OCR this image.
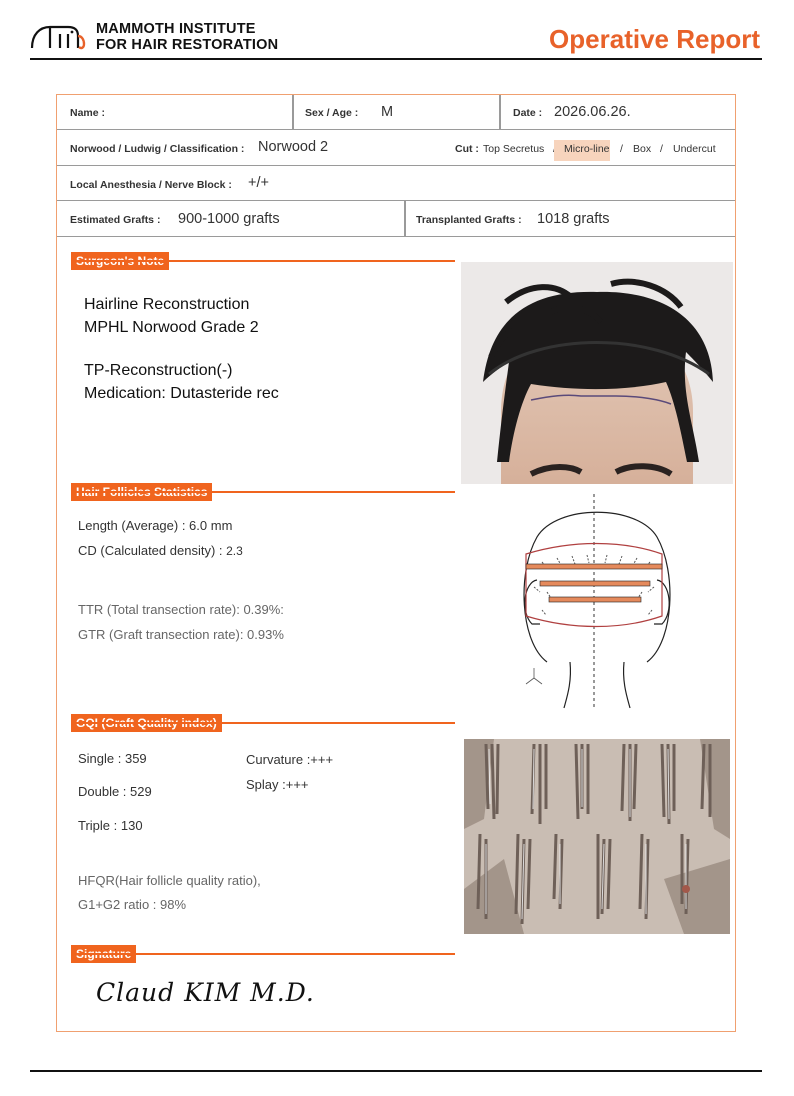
MAMMOTH INSTITUTE
FOR HAIR RESTORATION	Operative Report
Name :	Sex / Age : M	Date : 2026.06.26.
Norwood / Ludwig / Classification : Norwood 2	Cut : Top Secretus Micro-line / Box / Undercut
Local Anesthesia / Nerve Block : +/+
Estimated Grafts : 900-1000 grafts	Transplanted Grafts : 1018 grafts
Hairline Reconstruction
MPHL Norwood Grade 2
TP-Reconstruction(-)
Medication: Dutasteride rec
Length (Average) : 6.0 mm
CD (Calculated density) : 2.3
TTR (Total transection rate): 0.39%:
GTR (Graft transection rate): 0.93%
Single : 359
Double : 529
Triple : 130
Curvature :+++
Splay :+++
HFQR(Hair follicle quality ratio),
G1+G2 ratio : 98%
Claud KIM M.D.
